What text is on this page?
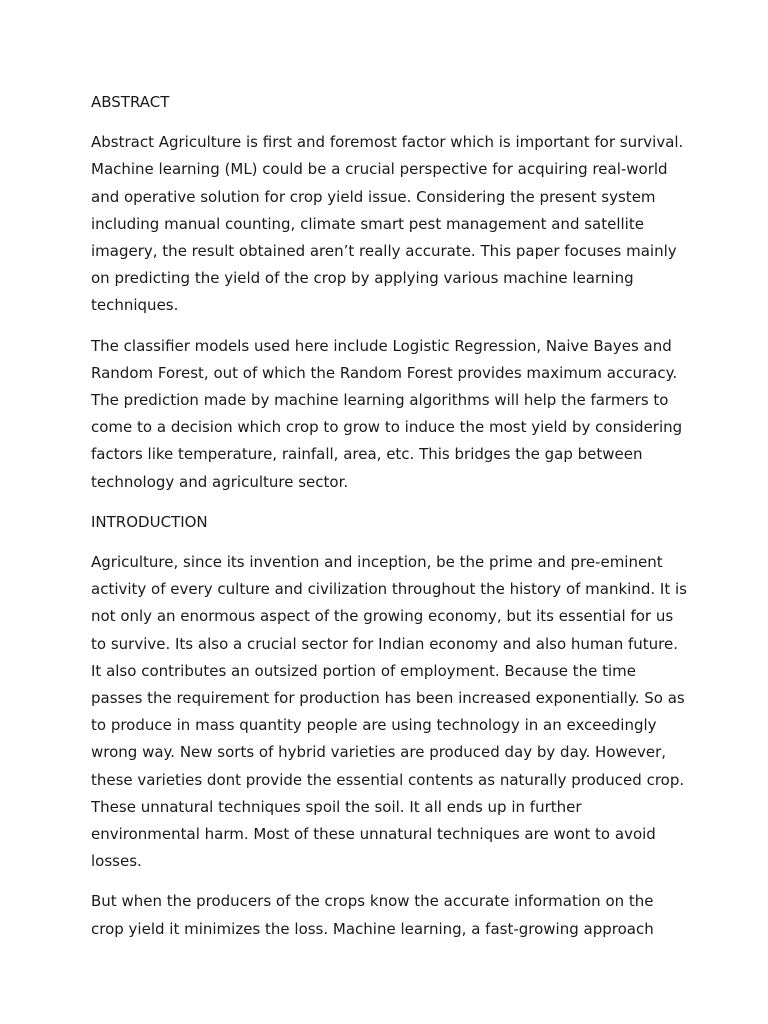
ABSTRACT

Abstract Agriculture is first and foremost factor which is important for survival. Machine learning (ML) could be a crucial perspective for acquiring real-world and operative solution for crop yield issue. Considering the present system including manual counting, climate smart pest management and satellite imagery, the result obtained aren’t really accurate. This paper focuses mainly on predicting the yield of the crop by applying various machine learning techniques.

The classifier models used here include Logistic Regression, Naive Bayes and Random Forest, out of which the Random Forest provides maximum accuracy. The prediction made by machine learning algorithms will help the farmers to come to a decision which crop to grow to induce the most yield by considering factors like temperature, rainfall, area, etc. This bridges the gap between technology and agriculture sector.

INTRODUCTION

Agriculture, since its invention and inception, be the prime and pre-eminent activity of every culture and civilization throughout the history of mankind. It is not only an enormous aspect of the growing economy, but its essential for us to survive. Its also a crucial sector for Indian economy and also human future. It also contributes an outsized portion of employment. Because the time passes the requirement for production has been increased exponentially. So as to produce in mass quantity people are using technology in an exceedingly wrong way. New sorts of hybrid varieties are produced day by day. However, these varieties dont provide the essential contents as naturally produced crop. These unnatural techniques spoil the soil. It all ends up in further environmental harm. Most of these unnatural techniques are wont to avoid losses.

But when the producers of the crops know the accurate information on the crop yield it minimizes the loss. Machine learning, a fast-growing approach
